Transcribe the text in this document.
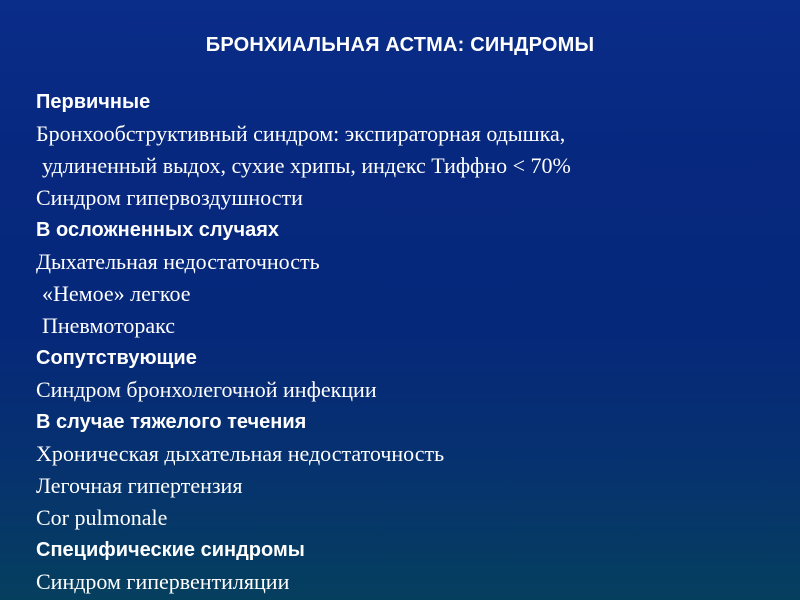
БРОНХИАЛЬНАЯ АСТМА: СИНДРОМЫ
Первичные
Бронхообструктивный синдром: экспираторная одышка,
удлиненный выдох, сухие хрипы, индекс Тиффно < 70%
Синдром гипервоздушности
В осложненных случаях
Дыхательная недостаточность
«Немое» легкое
Пневмоторакс
Сопутствующие
Синдром бронхолегочной инфекции
В случае тяжелого течения
Хроническая дыхательная недостаточность
Легочная гипертензия
Cor pulmonale
Специфические синдромы
Синдром гипервентиляции
